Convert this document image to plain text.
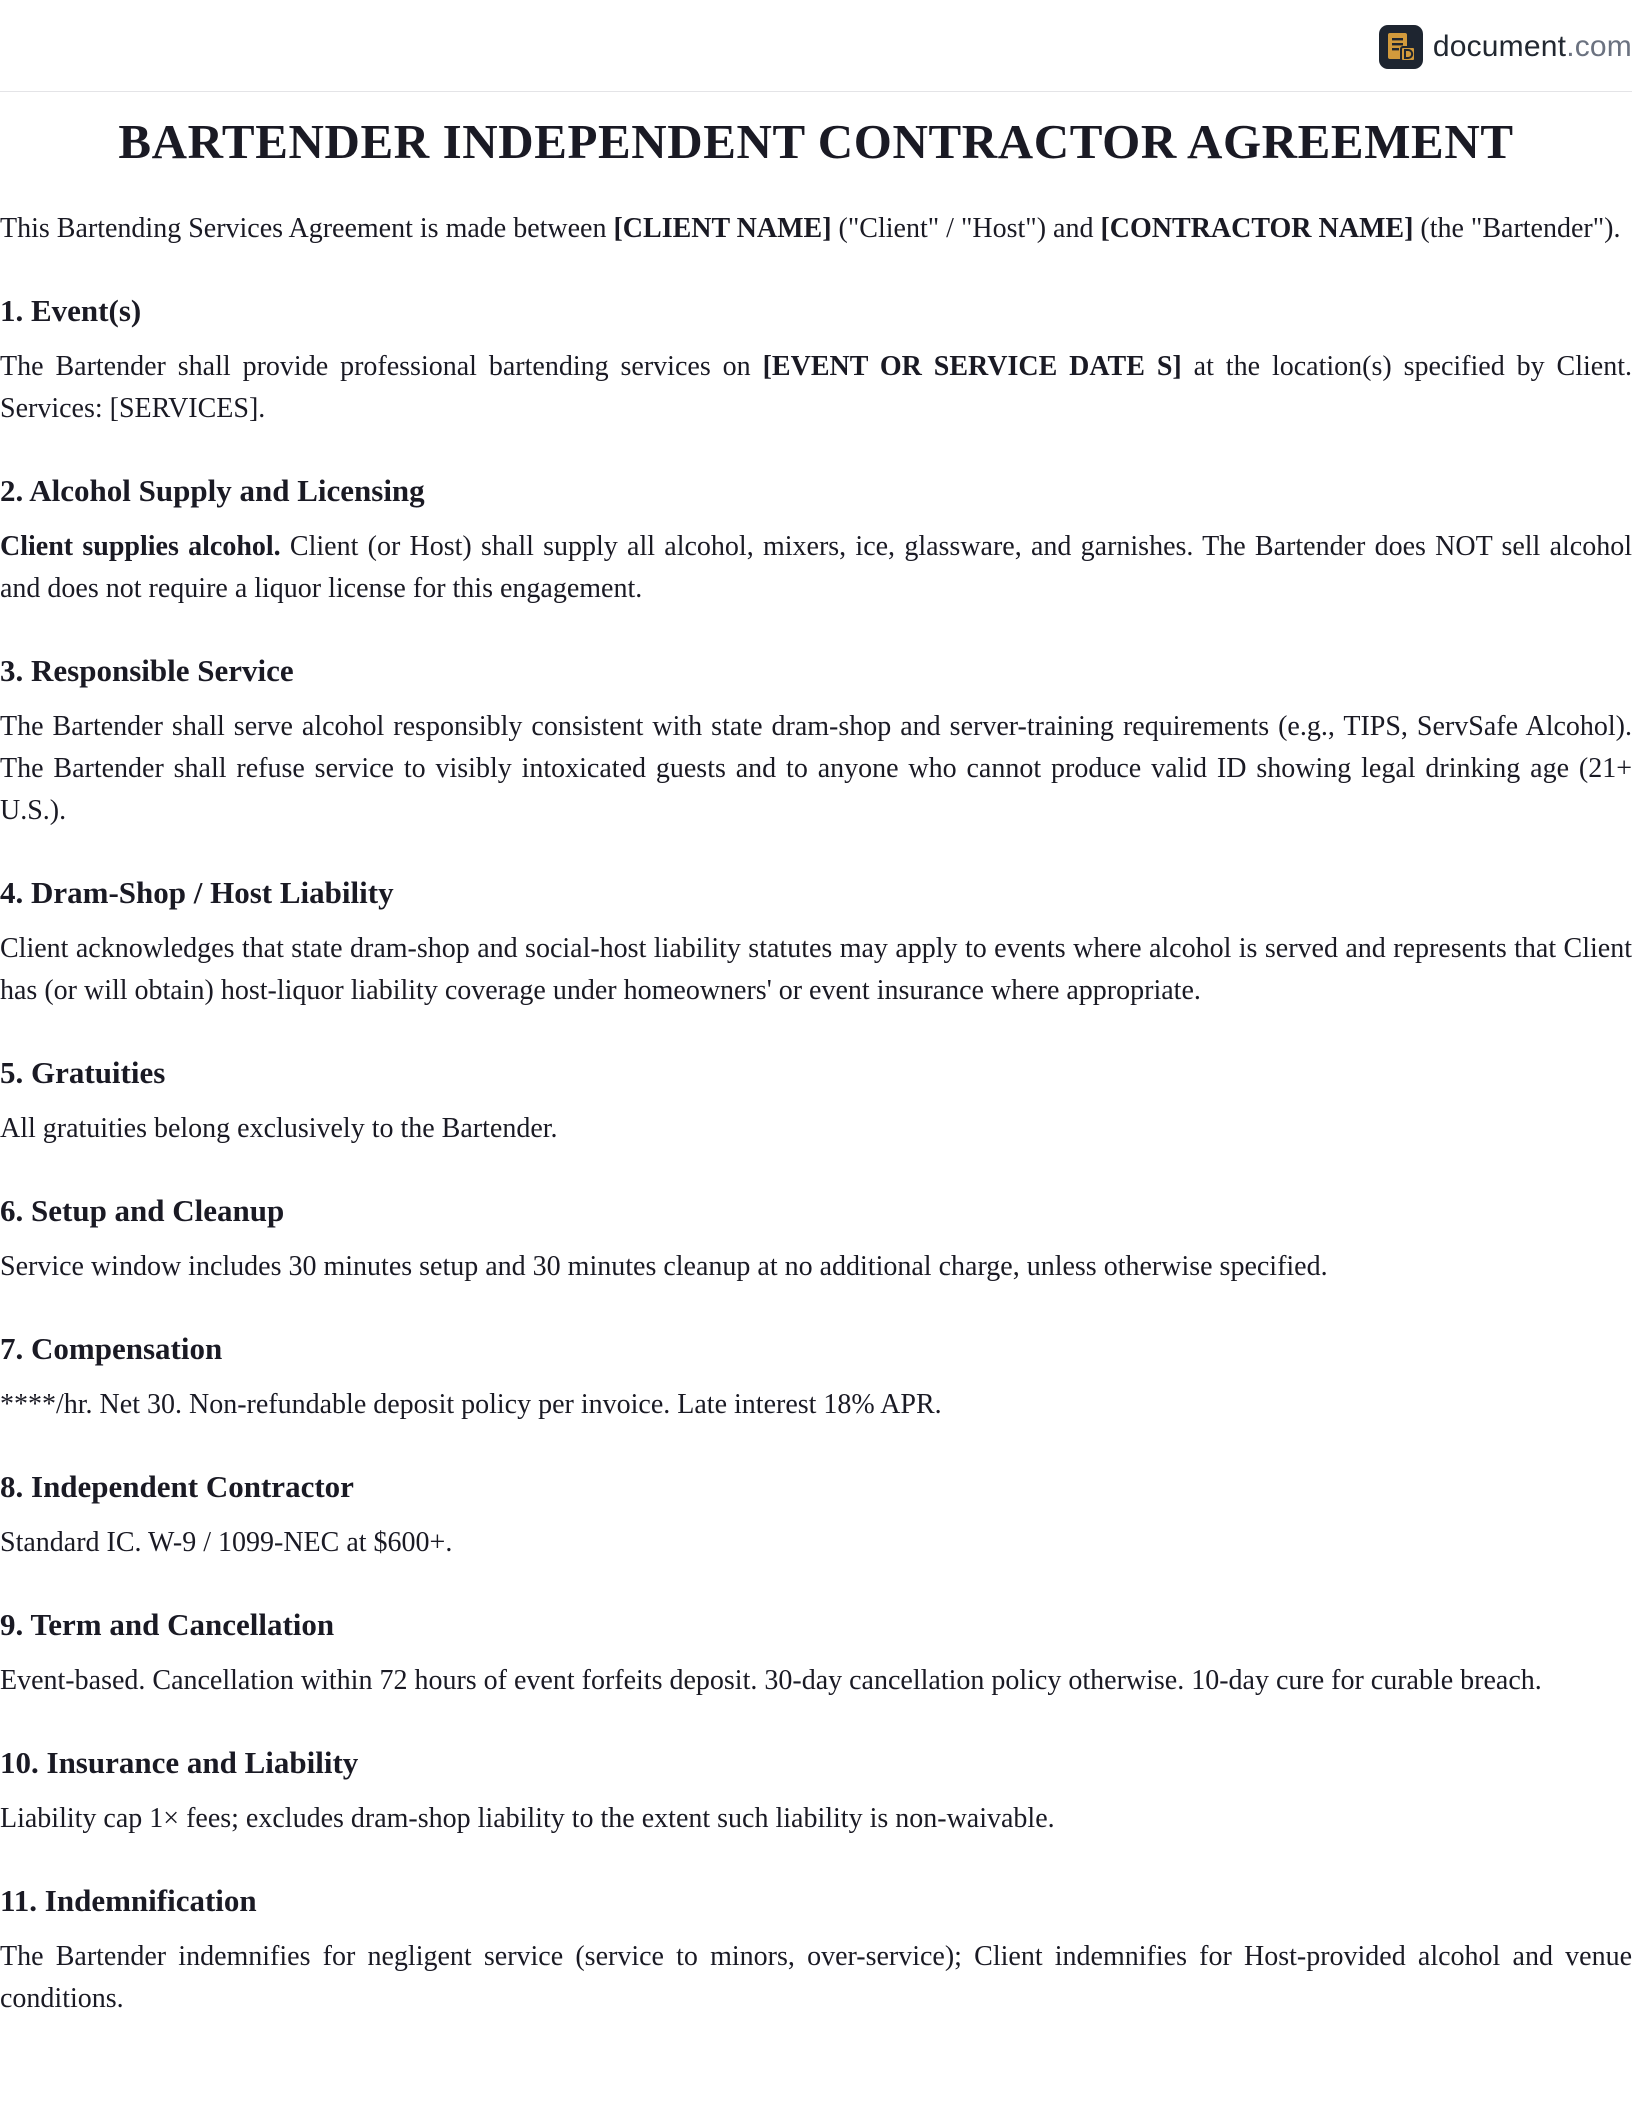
document.com
BARTENDER INDEPENDENT CONTRACTOR AGREEMENT

This Bartending Services Agreement is made between [CLIENT NAME] ("Client" / "Host") and [CONTRACTOR NAME] (the "Bartender").

1. Event(s)

The Bartender shall provide professional bartending services on [EVENT OR SERVICE DATE S] at the location(s) specified by Client. Services: [SERVICES].

2. Alcohol Supply and Licensing

Client supplies alcohol. Client (or Host) shall supply all alcohol, mixers, ice, glassware, and garnishes. The Bartender does NOT sell alcohol and does not require a liquor license for this engagement.

3. Responsible Service

The Bartender shall serve alcohol responsibly consistent with state dram-shop and server-training requirements (e.g., TIPS, ServSafe Alcohol). The Bartender shall refuse service to visibly intoxicated guests and to anyone who cannot produce valid ID showing legal drinking age (21+ U.S.).

4. Dram-Shop / Host Liability

Client acknowledges that state dram-shop and social-host liability statutes may apply to events where alcohol is served and represents that Client has (or will obtain) host-liquor liability coverage under homeowners' or event insurance where appropriate.

5. Gratuities

All gratuities belong exclusively to the Bartender.

6. Setup and Cleanup

Service window includes 30 minutes setup and 30 minutes cleanup at no additional charge, unless otherwise specified.

7. Compensation

****/hr. Net 30. Non-refundable deposit policy per invoice. Late interest 18% APR.

8. Independent Contractor

Standard IC. W-9 / 1099-NEC at $600+.

9. Term and Cancellation

Event-based. Cancellation within 72 hours of event forfeits deposit. 30-day cancellation policy otherwise. 10-day cure for curable breach.

10. Insurance and Liability

Liability cap 1× fees; excludes dram-shop liability to the extent such liability is non-waivable.

11. Indemnification

The Bartender indemnifies for negligent service (service to minors, over-service); Client indemnifies for Host-provided alcohol and venue conditions.
